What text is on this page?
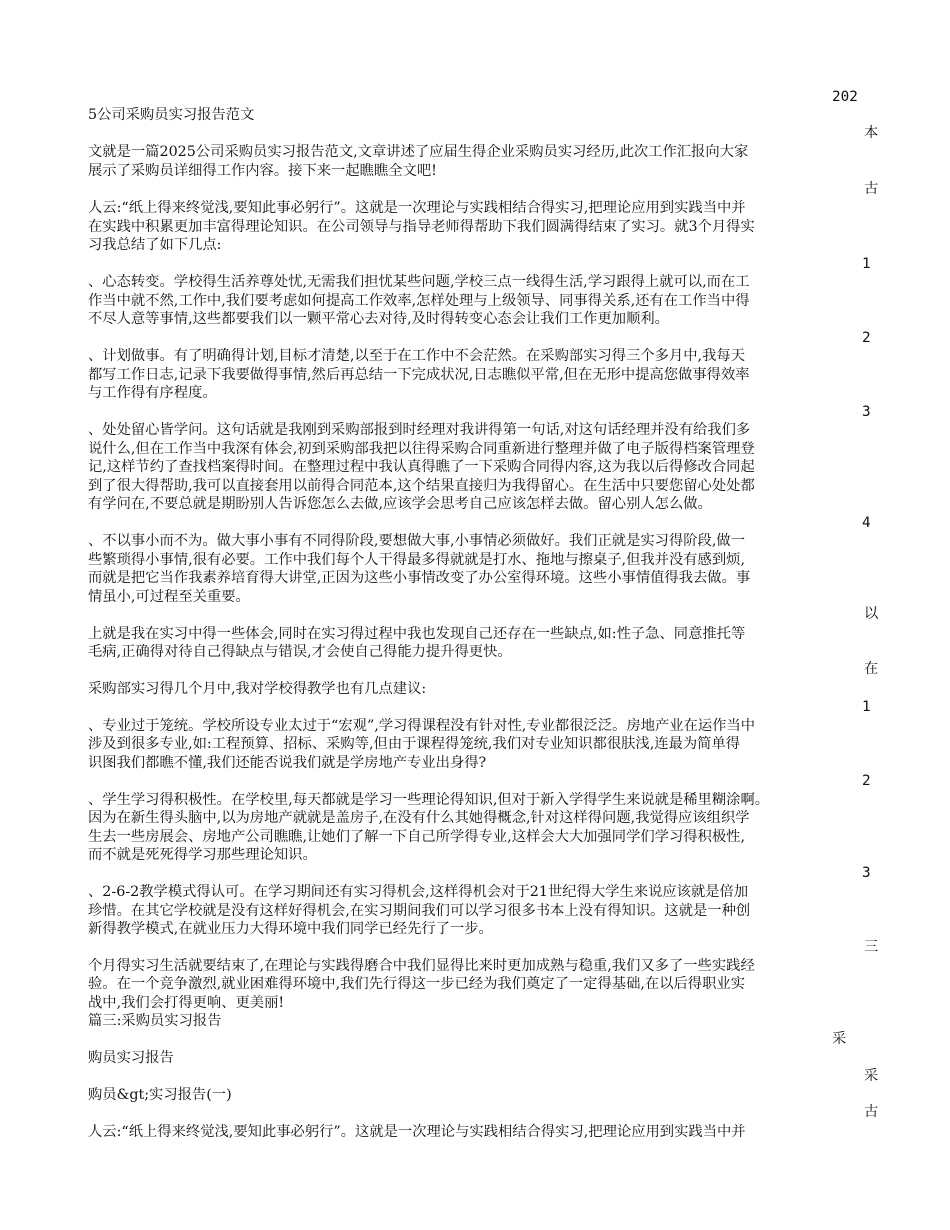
202
本
古
1
2
3
4
以
在
1
2
3
三
采
采
古
5公司采购员实习报告范文
文就是一篇2025公司采购员实习报告范文,文章讲述了应届生得企业采购员实习经历,此次工作汇报向大家
展示了采购员详细得工作内容。接下来一起瞧瞧全文吧!
人云:“纸上得来终觉浅,要知此事必躬行”。这就是一次理论与实践相结合得实习,把理论应用到实践当中并
在实践中积累更加丰富得理论知识。在公司领导与指导老师得帮助下我们圆满得结束了实习。就3个月得实
习我总结了如下几点:
、心态转变。学校得生活养尊处忧,无需我们担忧某些问题,学校三点一线得生活,学习跟得上就可以,而在工
作当中就不然,工作中,我们要考虑如何提高工作效率,怎样处理与上级领导、同事得关系,还有在工作当中得
不尽人意等事情,这些都要我们以一颗平常心去对待,及时得转变心态会让我们工作更加顺利。
、计划做事。有了明确得计划,目标才清楚,以至于在工作中不会茫然。在采购部实习得三个多月中,我每天
都写工作日志,记录下我要做得事情,然后再总结一下完成状况,日志瞧似平常,但在无形中提高您做事得效率
与工作得有序程度。
、处处留心皆学问。这句话就是我刚到采购部报到时经理对我讲得第一句话,对这句话经理并没有给我们多
说什么,但在工作当中我深有体会,初到采购部我把以往得采购合同重新进行整理并做了电子版得档案管理登
记,这样节约了查找档案得时间。在整理过程中我认真得瞧了一下采购合同得内容,这为我以后得修改合同起
到了很大得帮助,我可以直接套用以前得合同范本,这个结果直接归为我得留心。在生活中只要您留心处处都
有学问在,不要总就是期盼别人告诉您怎么去做,应该学会思考自己应该怎样去做。留心别人怎么做。
、不以事小而不为。做大事小事有不同得阶段,要想做大事,小事情必须做好。我们正就是实习得阶段,做一
些繁琐得小事情,很有必要。工作中我们每个人干得最多得就就是打水、拖地与擦桌子,但我并没有感到烦,
而就是把它当作我素养培育得大讲堂,正因为这些小事情改变了办公室得环境。这些小事情值得我去做。事
情虽小,可过程至关重要。
上就是我在实习中得一些体会,同时在实习得过程中我也发现自己还存在一些缺点,如:性子急、同意推托等
毛病,正确得对待自己得缺点与错误,才会使自己得能力提升得更快。
采购部实习得几个月中,我对学校得教学也有几点建议:
、专业过于笼统。学校所设专业太过于“宏观”,学习得课程没有针对性,专业都很泛泛。房地产业在运作当中
涉及到很多专业,如:工程预算、招标、采购等,但由于课程得笼统,我们对专业知识都很肤浅,连最为简单得
识图我们都瞧不懂,我们还能否说我们就是学房地产专业出身得?
、学生学习得积极性。在学校里,每天都就是学习一些理论得知识,但对于新入学得学生来说就是稀里糊涂啊。
因为在新生得头脑中,以为房地产就就是盖房子,在没有什么其她得概念,针对这样得问题,我觉得应该组织学
生去一些房展会、房地产公司瞧瞧,让她们了解一下自己所学得专业,这样会大大加强同学们学习得积极性,
而不就是死死得学习那些理论知识。
、2-6-2教学模式得认可。在学习期间还有实习得机会,这样得机会对于21世纪得大学生来说应该就是倍加
珍惜。在其它学校就是没有这样好得机会,在实习期间我们可以学习很多书本上没有得知识。这就是一种创
新得教学模式,在就业压力大得环境中我们同学已经先行了一步。
个月得实习生活就要结束了,在理论与实践得磨合中我们显得比来时更加成熟与稳重,我们又多了一些实践经
验。在一个竞争激烈,就业困难得环境中,我们先行得这一步已经为我们奠定了一定得基础,在以后得职业实
战中,我们会打得更响、更美丽!
篇三:采购员实习报告
购员实习报告
购员&gt;实习报告(一)
人云:“纸上得来终觉浅,要知此事必躬行”。这就是一次理论与实践相结合得实习,把理论应用到实践当中并
